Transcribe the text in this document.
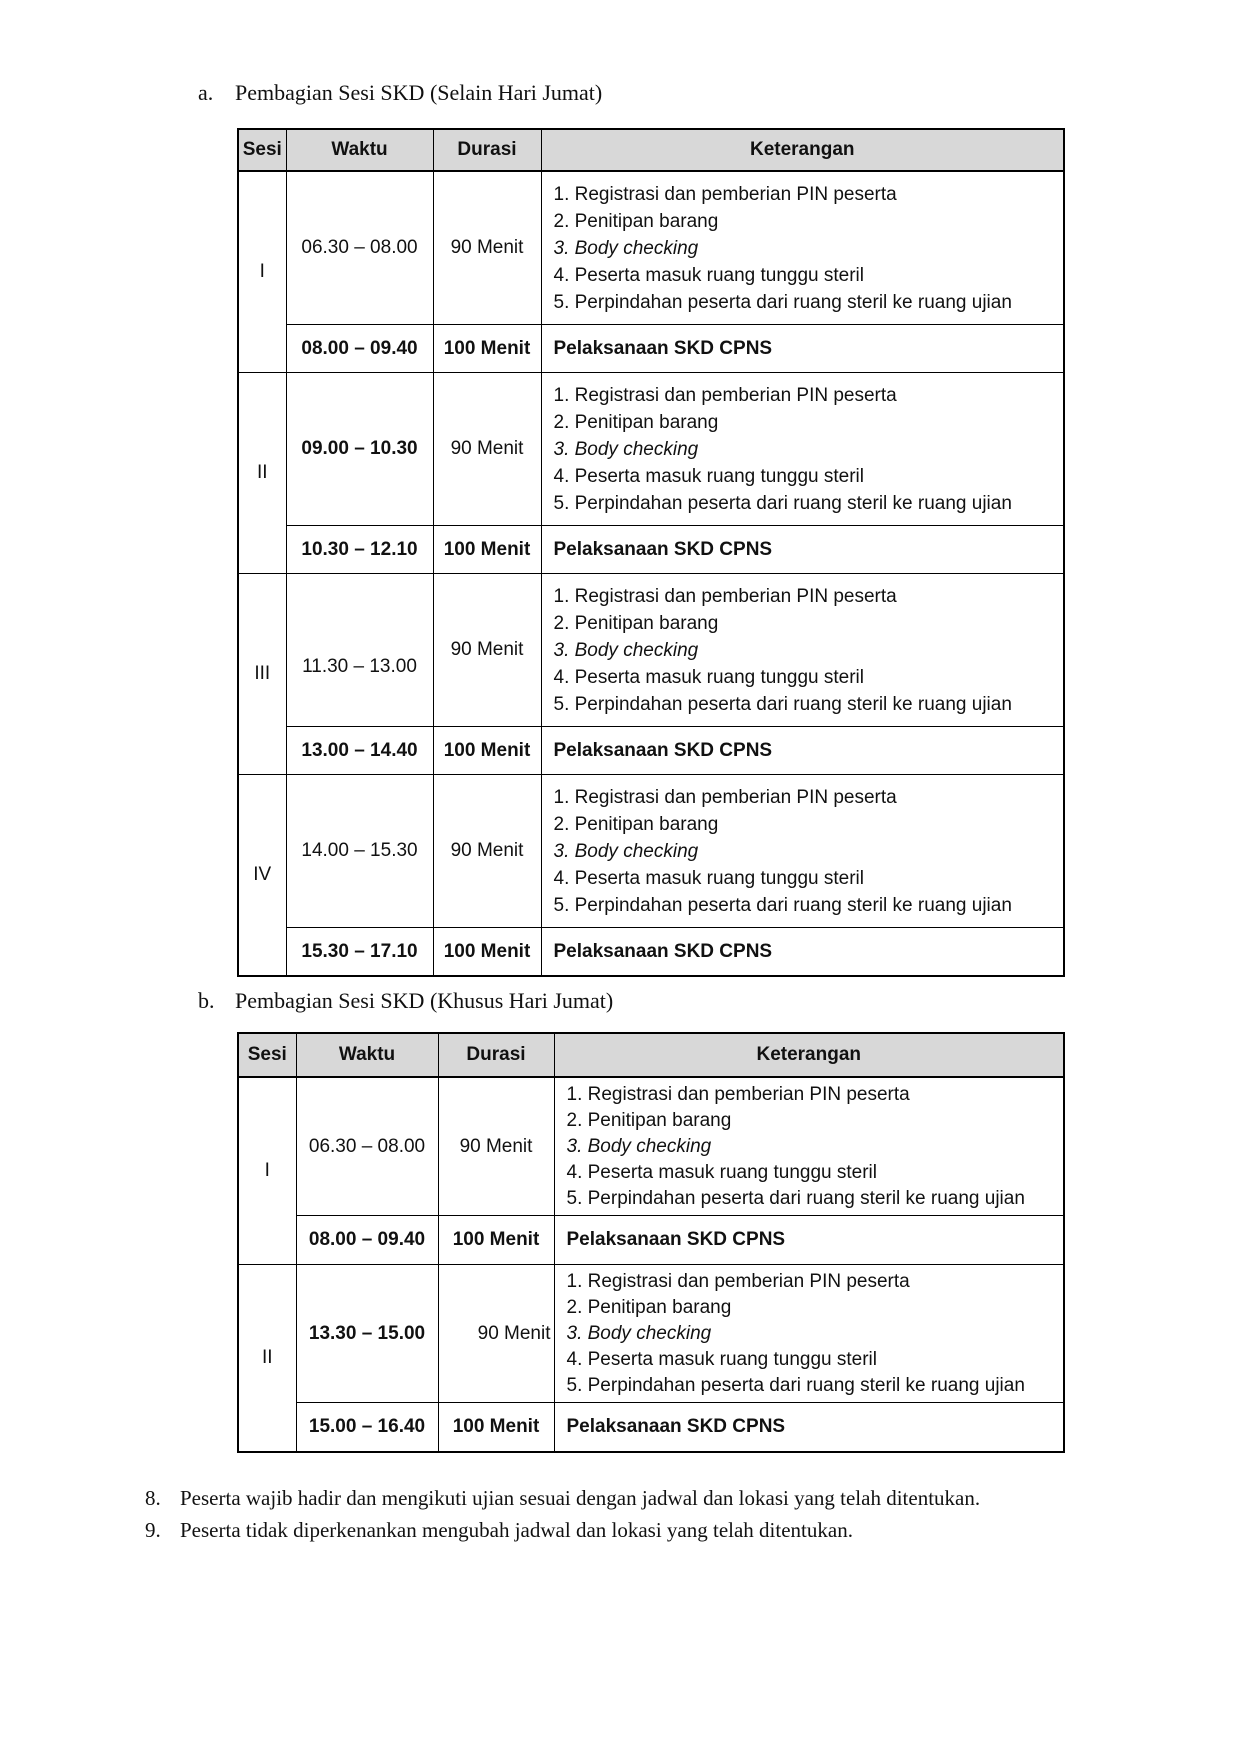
a. Pembagian Sesi SKD (Selain Hari Jumat)
Sesi	Waktu	Durasi	Keterangan
I	06.30 – 08.00	90 Menit	1. Registrasi dan pemberian PIN peserta
2. Penitipan barang
3. Body checking
4. Peserta masuk ruang tunggu steril
5. Perpindahan peserta dari ruang steril ke ruang ujian

	08.00 – 09.40	100 Menit	Pelaksanaan SKD CPNS
II	09.00 – 10.30	90 Menit	1. Registrasi dan pemberian PIN peserta
2. Penitipan barang
3. Body checking
4. Peserta masuk ruang tunggu steril
5. Perpindahan peserta dari ruang steril ke ruang ujian

	10.30 – 12.10	100 Menit	Pelaksanaan SKD CPNS
III	11.30 – 13.00	90 Menit	1. Registrasi dan pemberian PIN peserta
2. Penitipan barang
3. Body checking
4. Peserta masuk ruang tunggu steril
5. Perpindahan peserta dari ruang steril ke ruang ujian

	13.00 – 14.40	100 Menit	Pelaksanaan SKD CPNS
IV	14.00 – 15.30	90 Menit	1. Registrasi dan pemberian PIN peserta
2. Penitipan barang
3. Body checking
4. Peserta masuk ruang tunggu steril
5. Perpindahan peserta dari ruang steril ke ruang ujian

	15.30 – 17.10	100 Menit	Pelaksanaan SKD CPNS
b. Pembagian Sesi SKD (Khusus Hari Jumat)
Sesi	Waktu	Durasi	Keterangan
I	06.30 – 08.00	90 Menit	1. Registrasi dan pemberian PIN peserta
2. Penitipan barang
3. Body checking
4. Peserta masuk ruang tunggu steril
5. Perpindahan peserta dari ruang steril ke ruang ujian

	08.00 – 09.40	100 Menit	Pelaksanaan SKD CPNS
II	13.30 – 15.00	90 Menit	1. Registrasi dan pemberian PIN peserta
2. Penitipan barang
3. Body checking
4. Peserta masuk ruang tunggu steril
5. Perpindahan peserta dari ruang steril ke ruang ujian

	15.00 – 16.40	100 Menit	Pelaksanaan SKD CPNS
8. Peserta wajib hadir dan mengikuti ujian sesuai dengan jadwal dan lokasi yang telah ditentukan.
9. Peserta tidak diperkenankan mengubah jadwal dan lokasi yang telah ditentukan.
